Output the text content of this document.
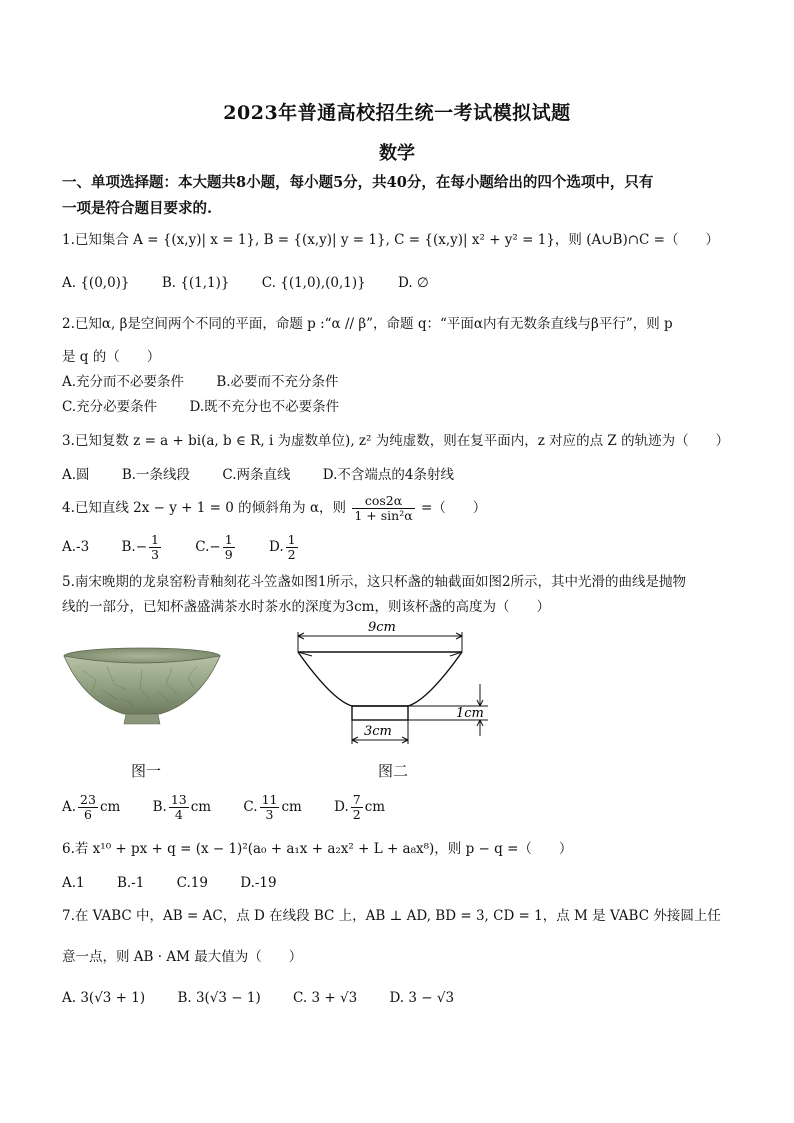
2023年普通高校招生统一考试模拟试题
数学
一、单项选择题：本大题共8小题，每小题5分，共40分，在每小题给出的四个选项中，只有
一项是符合题目要求的.
1.已知集合 A = {(x,y)| x = 1}, B = {(x,y)| y = 1}, C = {(x,y)| x² + y² = 1}，则 (A∪B)∩C =（　　）
A. {(0,0)} B. {(1,1)} C. {(1,0),(0,1)} D. ∅
2.已知α, β是空间两个不同的平面，命题 p :“α // β”，命题 q：“平面α内有无数条直线与β平行”，则 p
是 q 的（　　）
A.充分而不必要条件 B.必要而不充分条件
C.充分必要条件 D.既不充分也不必要条件
3.已知复数 z = a + bi(a, b ∈ R, i 为虚数单位), z² 为纯虚数，则在复平面内，z 对应的点 Z 的轨迹为（　　）
A.圆 B.一条线段 C.两条直线 D.不含端点的4条射线
4.已知直线 2x − y + 1 = 0 的倾斜角为 α，则 $\frac{\cos 2\alpha}{\text{1 + sin²α}}$ =（　　）
A.-3 $B.- \frac{1}{3}$	$C.- \frac{1}{9}$	D. $\frac{1}{2}$
5.南宋晚期的龙泉窑粉青釉刻花斗笠盏如图1所示，这只杯盏的轴截面如图2所示，其中光滑的曲线是抛物
线的一部分，已知杯盏盛满茶水时茶水的深度为3cm，则该杯盏的高度为（　　）
图一
9cm
1cm
3cm
图二
A. $\frac{23}{6}$ cm B. $\frac{13}{4}$ cm C. $\frac{11}{3}$ cm D. $\frac{7}{2}$ cm
6.若 x¹⁰ + px + q = (x − 1)²(a₀ + a₁x + a₂x² + L + a₈x⁸)，则 p − q =（　　）
A.1 B.-1 C.19 D.-19
7.在 VABC 中，AB = AC，点 D 在线段 BC 上，AB ⊥ AD, BD = 3, CD = 1，点 M 是 VABC 外接圆上任
意一点，则 AB · AM 最大值为（　　）
A. 3(√3 + 1) B. 3(√3 − 1) C. 3 + √3 D. 3 − √3
